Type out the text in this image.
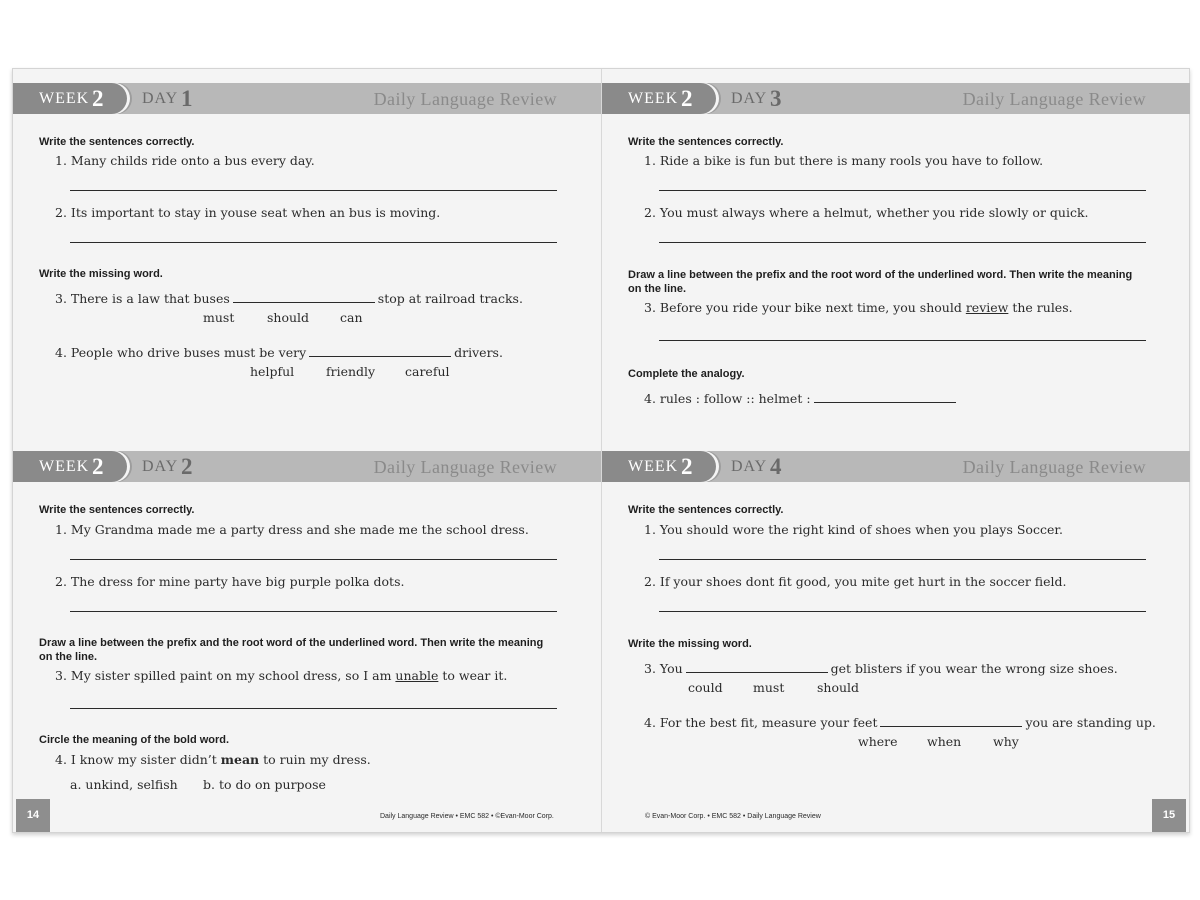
WEEK 2 DAY 1	Daily Language Review
Write the sentences correctly.
1. Many childs ride onto a bus every day.
2. Its important to stay in youse seat when an bus is moving.
Write the missing word.
3. There is a law that buses	stop at railroad tracks.
must	should can
4. People who drive buses must be very	drivers.
helpful	friendly careful
WEEK 2 DAY 3	Daily Language Review
Write the sentences correctly.
1. Ride a bike is fun but there is many rools you have to follow.
2. You must always where a helmut, whether you ride slowly or quick.
Draw a line between the prefix and the root word of the underlined word. Then write the meaning on the line.
3. Before you ride your bike next time, you should review the rules.
Complete the analogy.
4. rules : follow :: helmet :
WEEK 2 DAY 2	Daily Language Review
Write the sentences correctly.
1. My Grandma made me a party dress and she made me the school dress.
2. The dress for mine party have big purple polka dots.
Draw a line between the prefix and the root word of the underlined word. Then write the meaning on the line.
3. My sister spilled paint on my school dress, so I am unable to wear it.
Circle the meaning of the bold word.
4. I know my sister didn’t mean to ruin my dress.
a. unkind, selfish b. to do on purpose
WEEK 2 DAY 4	Daily Language Review
Write the sentences correctly.
1. You should wore the right kind of shoes when you plays Soccer.
2. If your shoes dont fit good, you mite get hurt in the soccer field.
Write the missing word.
3. You	get blisters if you wear the wrong size shoes.
could must	should
4. For the best fit, measure your feet	you are standing up.
where when	why
14	Daily Language Review • EMC 582 • ©Evan-Moor Corp.	© Evan-Moor Corp. • EMC 582 • Daily Language Review	15
